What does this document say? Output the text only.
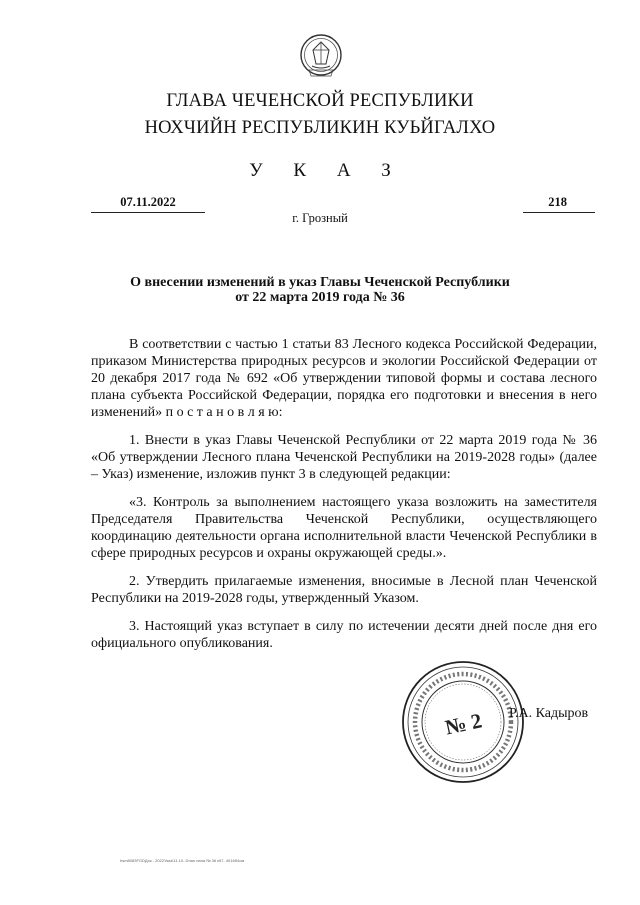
ГЛАВА ЧЕЧЕНСКОЙ РЕСПУБЛИКИ
НОХЧИЙН РЕСПУБЛИКИН КУЬЙГАЛХО
У К А З
07.11.2022	218
г. Грозный
О внесении изменений в указ Главы Чеченской Республики
от 22 марта 2019 года № 36

В соответствии с частью 1 статьи 83 Лесного кодекса Российской Федерации, приказом Министерства природных ресурсов и экологии Российской Федерации от 20 декабря 2017 года № 692 «Об утверждении типовой формы и состава лесного плана субъекта Российской Федерации, порядка его подготовки и внесения в него изменений» п о с т а н о в л я ю:

1. Внести в указ Главы Чеченской Республики от 22 марта 2019 года № 36 «Об утверждении Лесного плана Чеченской Республики на 2019-2028 годы» (далее – Указ) изменение, изложив пункт 3 в следующей редакции:

«3. Контроль за выполнением настоящего указа возложить на заместителя Председателя Правительства Чеченской Республики, осуществляющего координацию деятельности органа исполнительной власти Чеченской Республики в сфере природных ресурсов и охраны окружающей среды.».

2. Утвердить прилагаемые изменения, вносимые в Лесной план Чеченской Республики на 2019-2028 годы, утвержденный Указом.

3. Настоящий указ вступает в силу по истечении десяти дней после дня его официального опубликования.

№ 2 Р.А. Кадыров
hsm8083FGDДок - 2022Указ\11.10- Dнan нана № 36 к57- 4016б4ом
